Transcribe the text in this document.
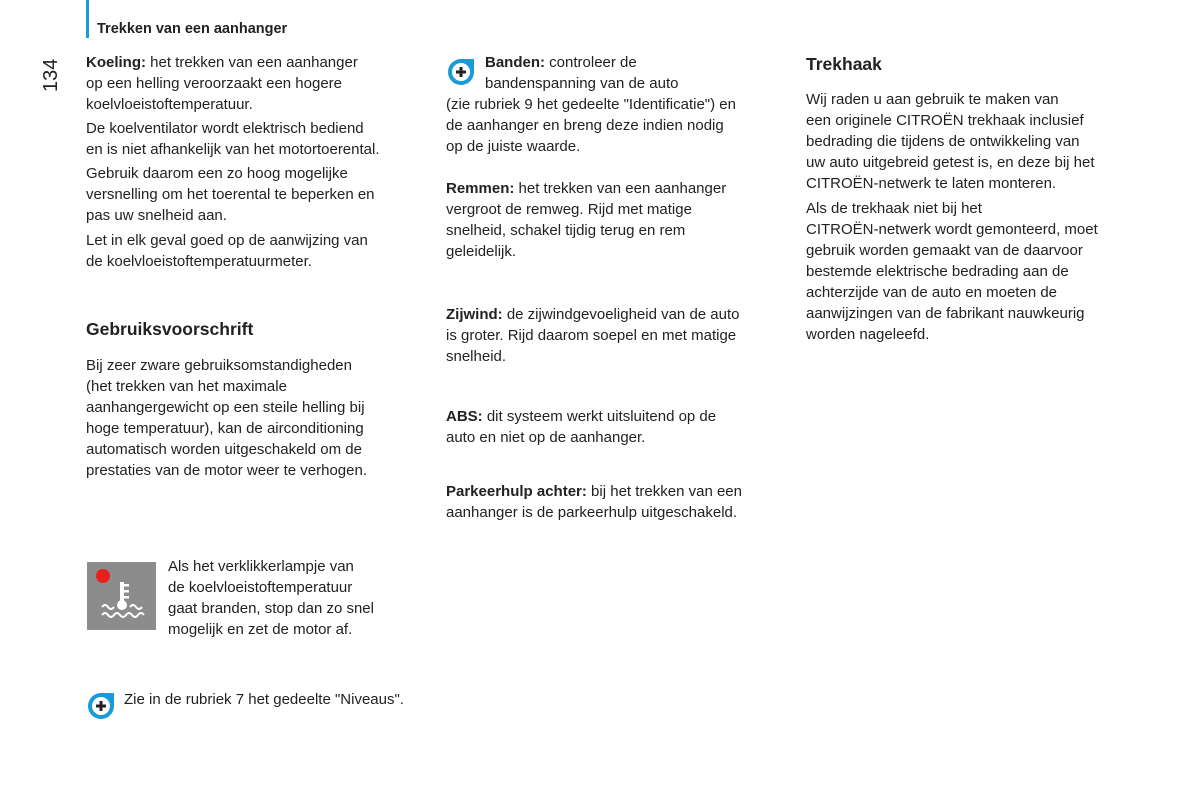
Trekken van een aanhanger
134 Koeling: het trekken van een aanhanger
op een helling veroorzaakt een hogere
koelvloeistoftemperatuur.
De koelventilator wordt elektrisch bediend
en is niet afhankelijk van het motortoerental.
Gebruik daarom een zo hoog mogelijke
versnelling om het toerental te beperken en
pas uw snelheid aan.
Let in elk geval goed op de aanwijzing van
de koelvloeistoftemperatuurmeter.
Gebruiksvoorschrift
Bij zeer zware gebruiksomstandigheden
(het trekken van het maximale
aanhangergewicht op een steile helling bij
hoge temperatuur), kan de airconditioning
automatisch worden uitgeschakeld om de
prestaties van de motor weer te verhogen.
Als het verklikkerlampje van
de koelvloeistoftemperatuur
gaat branden, stop dan zo snel
mogelijk en zet de motor af.
Zie in de rubriek 7 het gedeelte "Niveaus".
Banden: controleer de
bandenspanning van de auto
(zie rubriek 9 het gedeelte "Identificatie") en
de aanhanger en breng deze indien nodig
op de juiste waarde.
Remmen: het trekken van een aanhanger
vergroot de remweg. Rijd met matige
snelheid, schakel tijdig terug en rem
geleidelijk.
Zijwind: de zijwindgevoeligheid van de auto
is groter. Rijd daarom soepel en met matige
snelheid.
ABS: dit systeem werkt uitsluitend op de
auto en niet op de aanhanger.
Parkeerhulp achter: bij het trekken van een
aanhanger is de parkeerhulp uitgeschakeld.
Trekhaak
Wij raden u aan gebruik te maken van
een originele CITROËN trekhaak inclusief
bedrading die tijdens de ontwikkeling van
uw auto uitgebreid getest is, en deze bij het
CITROËN-netwerk te laten monteren.
Als de trekhaak niet bij het
CITROËN-netwerk wordt gemonteerd, moet
gebruik worden gemaakt van de daarvoor
bestemde elektrische bedrading aan de
achterzijde van de auto en moeten de
aanwijzingen van de fabrikant nauwkeurig
worden nageleefd.
